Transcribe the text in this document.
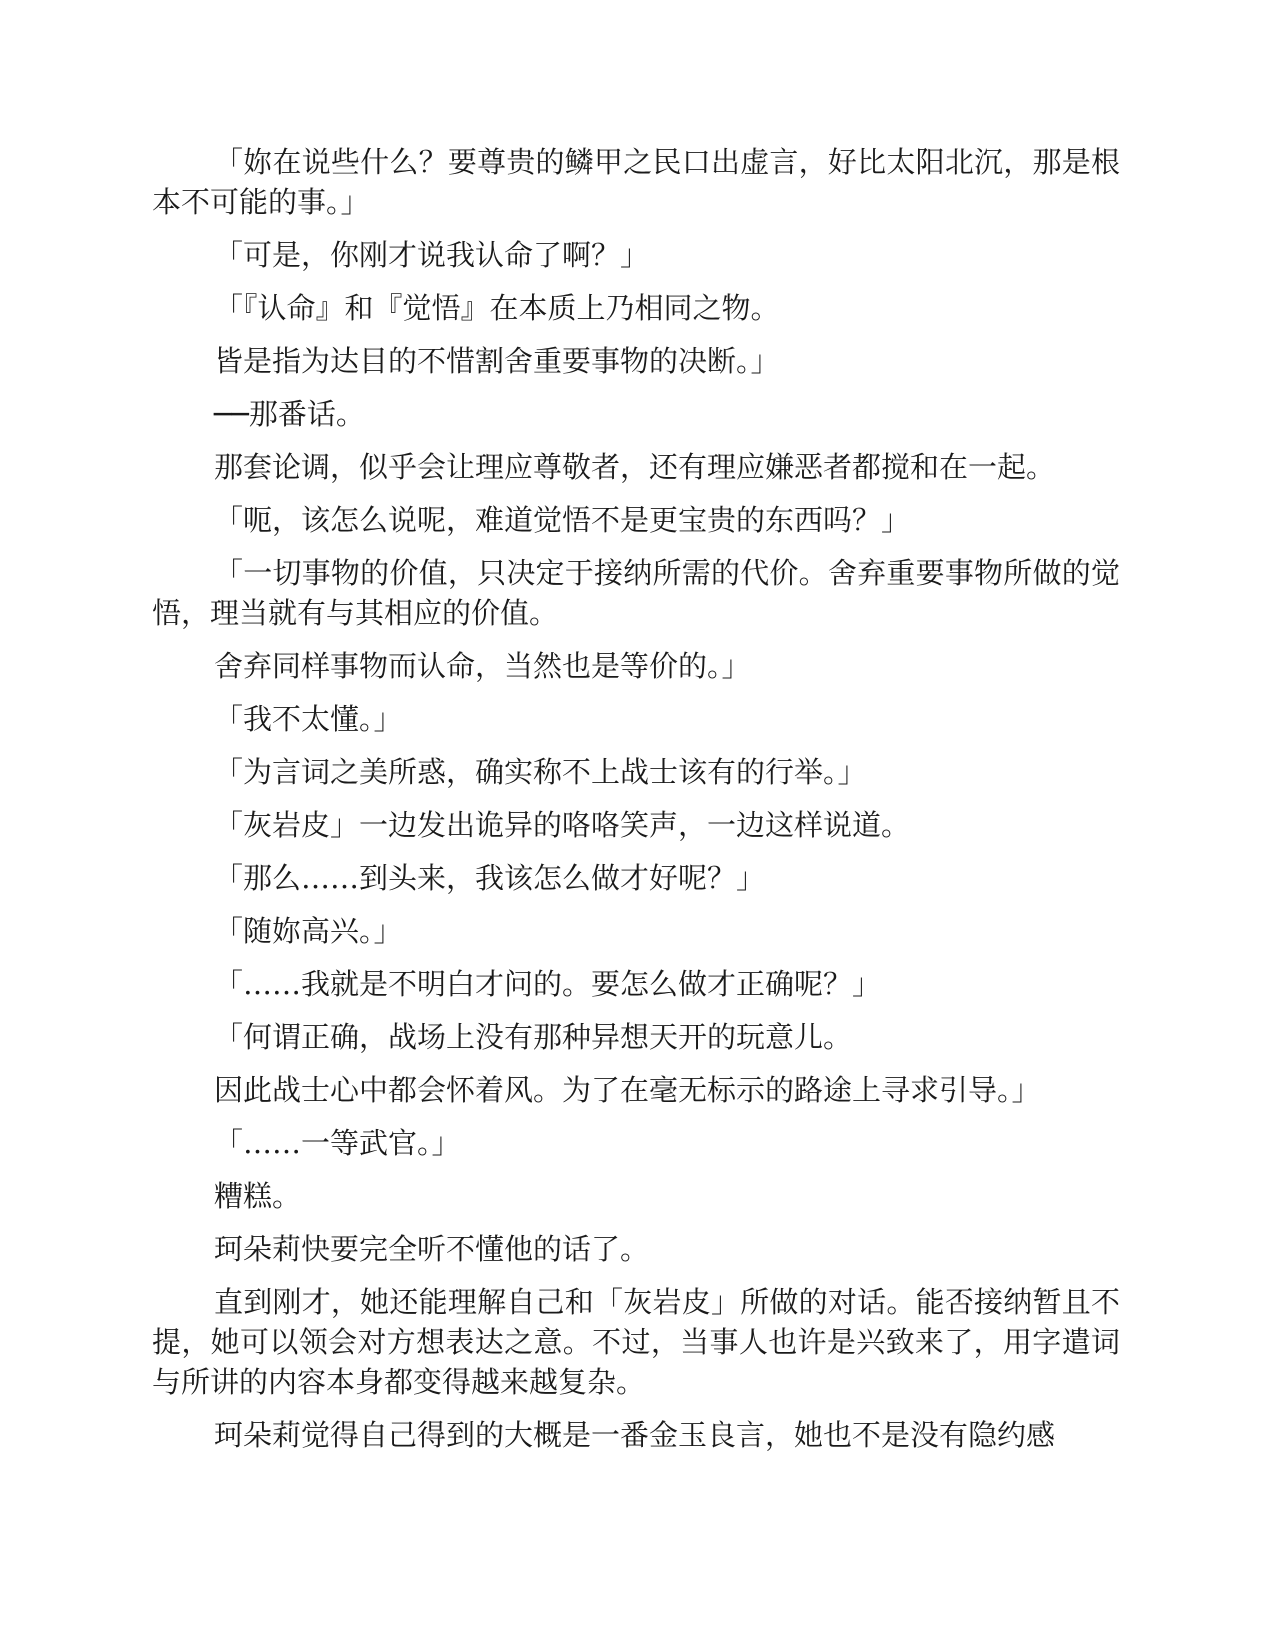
「妳在说些什么？要尊贵的鳞甲之民口出虚言，好比太阳北沉，那是根本不可能的事。」

「可是，你刚才说我认命了啊？」

「『认命』和『觉悟』在本质上乃相同之物。

皆是指为达目的不惜割舍重要事物的决断。」

──那番话。

那套论调，似乎会让理应尊敬者，还有理应嫌恶者都搅和在一起。

「呃，该怎么说呢，难道觉悟不是更宝贵的东西吗？」

「一切事物的价值，只决定于接纳所需的代价。舍弃重要事物所做的觉悟，理当就有与其相应的价值。

舍弃同样事物而认命，当然也是等价的。」

「我不太懂。」

「为言词之美所惑，确实称不上战士该有的行举。」

「灰岩皮」一边发出诡异的咯咯笑声，一边这样说道。

「那么……到头来，我该怎么做才好呢？」

「随妳高兴。」

「……我就是不明白才问的。要怎么做才正确呢？」

「何谓正确，战场上没有那种异想天开的玩意儿。

因此战士心中都会怀着风。为了在毫无标示的路途上寻求引导。」

「……一等武官。」

糟糕。

珂朵莉快要完全听不懂他的话了。

直到刚才，她还能理解自己和「灰岩皮」所做的对话。能否接纳暂且不提，她可以领会对方想表达之意。不过，当事人也许是兴致来了，用字遣词与所讲的内容本身都变得越来越复杂。

珂朵莉觉得自己得到的大概是一番金玉良言，她也不是没有隐约感
